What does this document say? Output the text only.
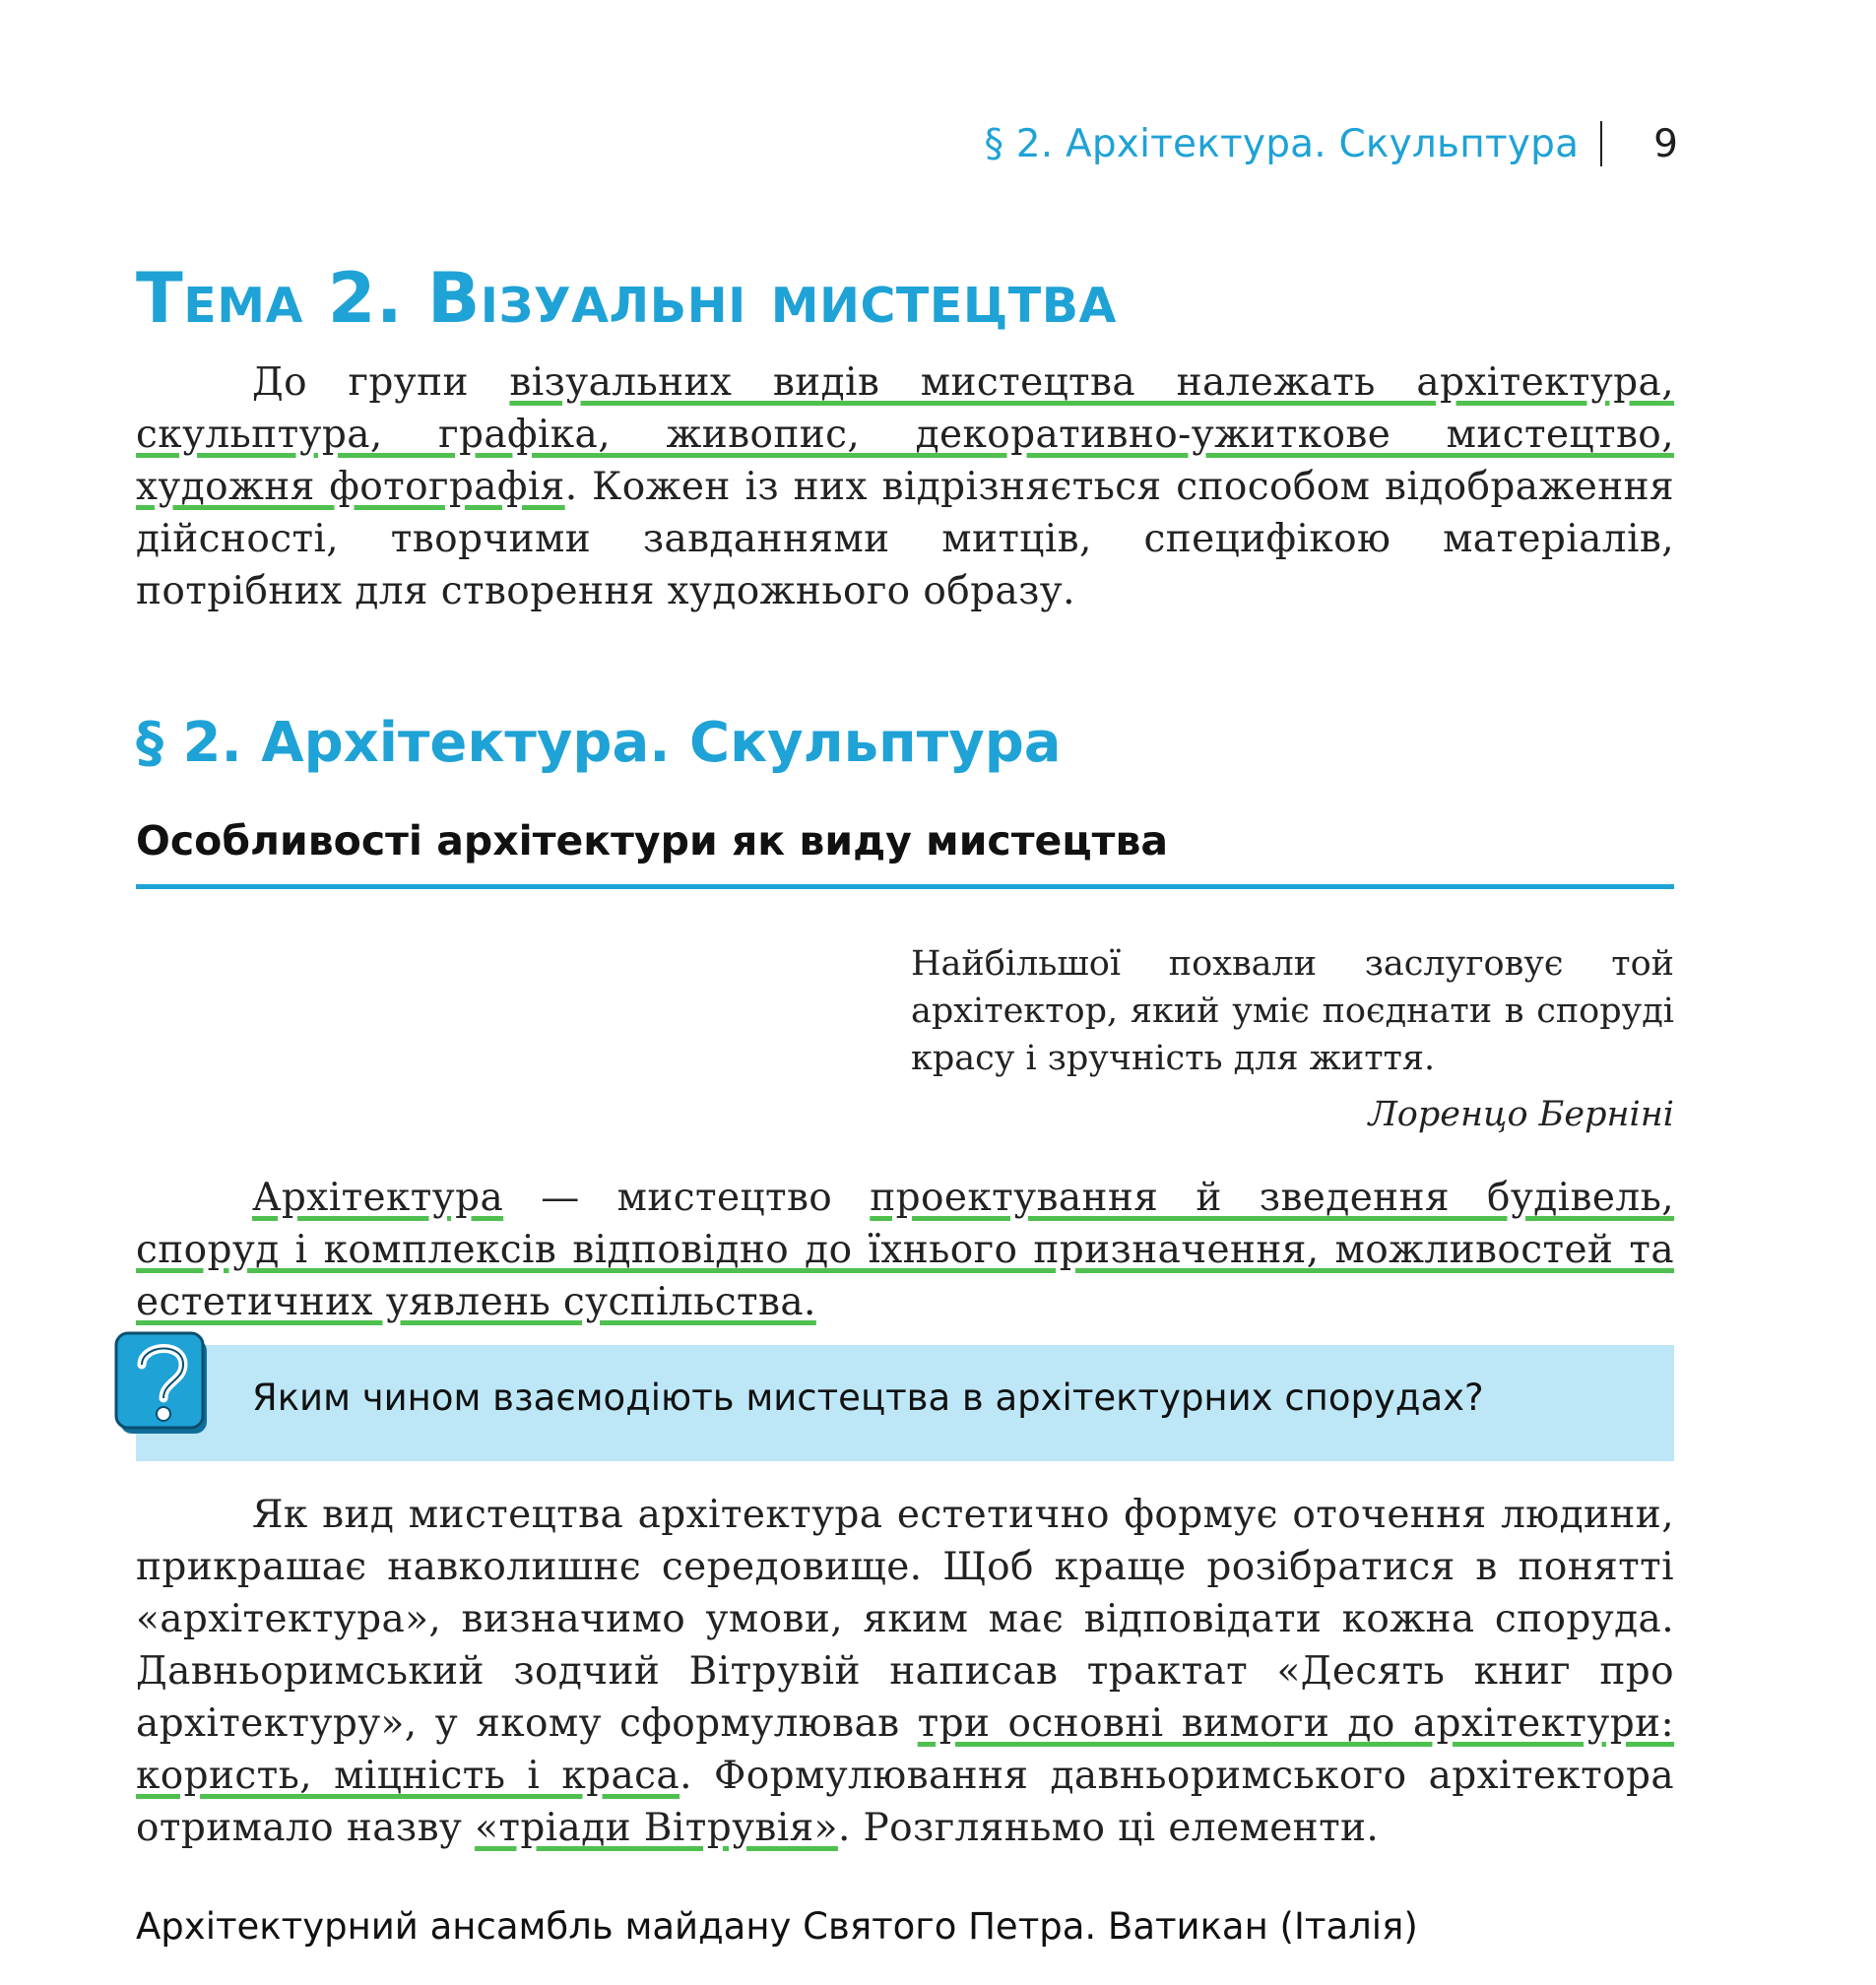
§ 2. Архітектура. Скульптура	9
Тема 2. Візуальні мистецтва

До групи візуальних видів мистецтва належать архітектура, скульптура, графіка, живопис, декоративно-ужиткове мистецтво, художня фотографія. Кожен із них відрізняється способом відображення дійсності, творчими завданнями митців, специфікою матеріалів, потрібних для створення художнього образу.

§ 2. Архітектура. Скульптура
Особливості архітектури як виду мистецтва

Найбільшої похвали заслуговує той архітектор, який уміє поєднати в споруді красу і зручність для життя.

Лоренцо Берніні

Архітектура — мистецтво проектування й зведення будівель, споруд і комплексів відповідно до їхнього призначення, можливостей та естетичних уявлень суспільства.

Яким чином взаємодіють мистецтва в архітектурних спорудах?

Як вид мистецтва архітектура естетично формує оточення людини, прикрашає навколишнє середовище. Щоб краще розібратися в понятті «архітектура», визначимо умови, яким має відповідати кожна споруда. Давньоримський зодчий Вітрувій написав трактат «Десять книг про архітектуру», у якому сформулював три основні вимоги до архітектури: користь, міцність і краса. Формулювання давньоримського архітектора отримало назву «тріади Вітрувія». Розгляньмо ці елементи.

Архітектурний ансамбль майдану Святого Петра. Ватикан (Італія)
